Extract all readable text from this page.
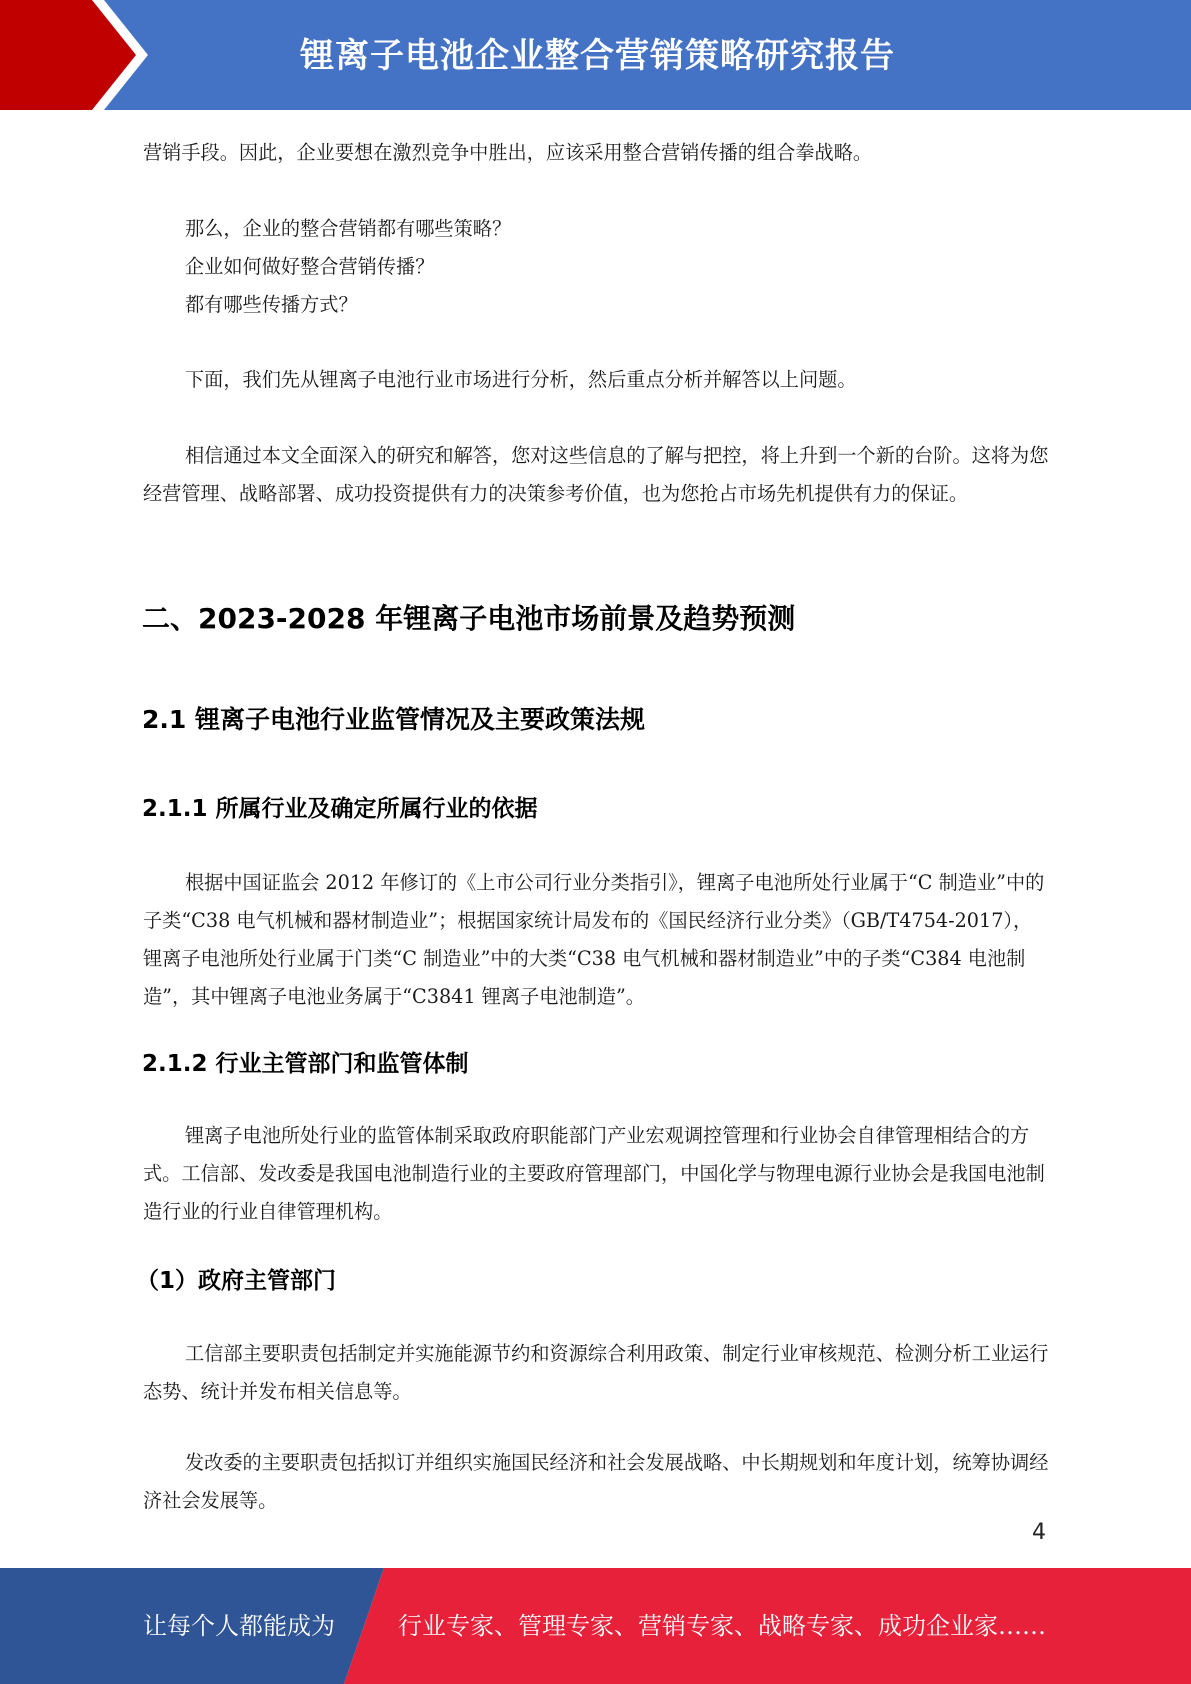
锂离子电池企业整合营销策略研究报告

营销手段。因此，企业要想在激烈竞争中胜出，应该采用整合营销传播的组合拳战略。

那么，企业的整合营销都有哪些策略？

企业如何做好整合营销传播？

都有哪些传播方式？

下面，我们先从锂离子电池行业市场进行分析，然后重点分析并解答以上问题。

相信通过本文全面深入的研究和解答，您对这些信息的了解与把控，将上升到一个新的台阶。这将为您经营管理、战略部署、成功投资提供有力的决策参考价值，也为您抢占市场先机提供有力的保证。

二、2023-2028 年锂离子电池市场前景及趋势预测
2.1 锂离子电池行业监管情况及主要政策法规
2.1.1 所属行业及确定所属行业的依据

根据中国证监会 2012 年修订的《上市公司行业分类指引》，锂离子电池所处行业属于“C 制造业”中的子类“C38 电气机械和器材制造业”；根据国家统计局发布的《国民经济行业分类》（GB/T4754-2017），锂离子电池所处行业属于门类“C 制造业”中的大类“C38 电气机械和器材制造业”中的子类“C384 电池制造”，其中锂离子电池业务属于“C3841 锂离子电池制造”。

2.1.2 行业主管部门和监管体制

锂离子电池所处行业的监管体制采取政府职能部门产业宏观调控管理和行业协会自律管理相结合的方式。工信部、发改委是我国电池制造行业的主要政府管理部门，中国化学与物理电源行业协会是我国电池制造行业的行业自律管理机构。

（1）政府主管部门

工信部主要职责包括制定并实施能源节约和资源综合利用政策、制定行业审核规范、检测分析工业运行态势、统计并发布相关信息等。

发改委的主要职责包括拟订并组织实施国民经济和社会发展战略、中长期规划和年度计划，统筹协调经济社会发展等。

4
让每个人都能成为	行业专家、管理专家、营销专家、战略专家、成功企业家……
